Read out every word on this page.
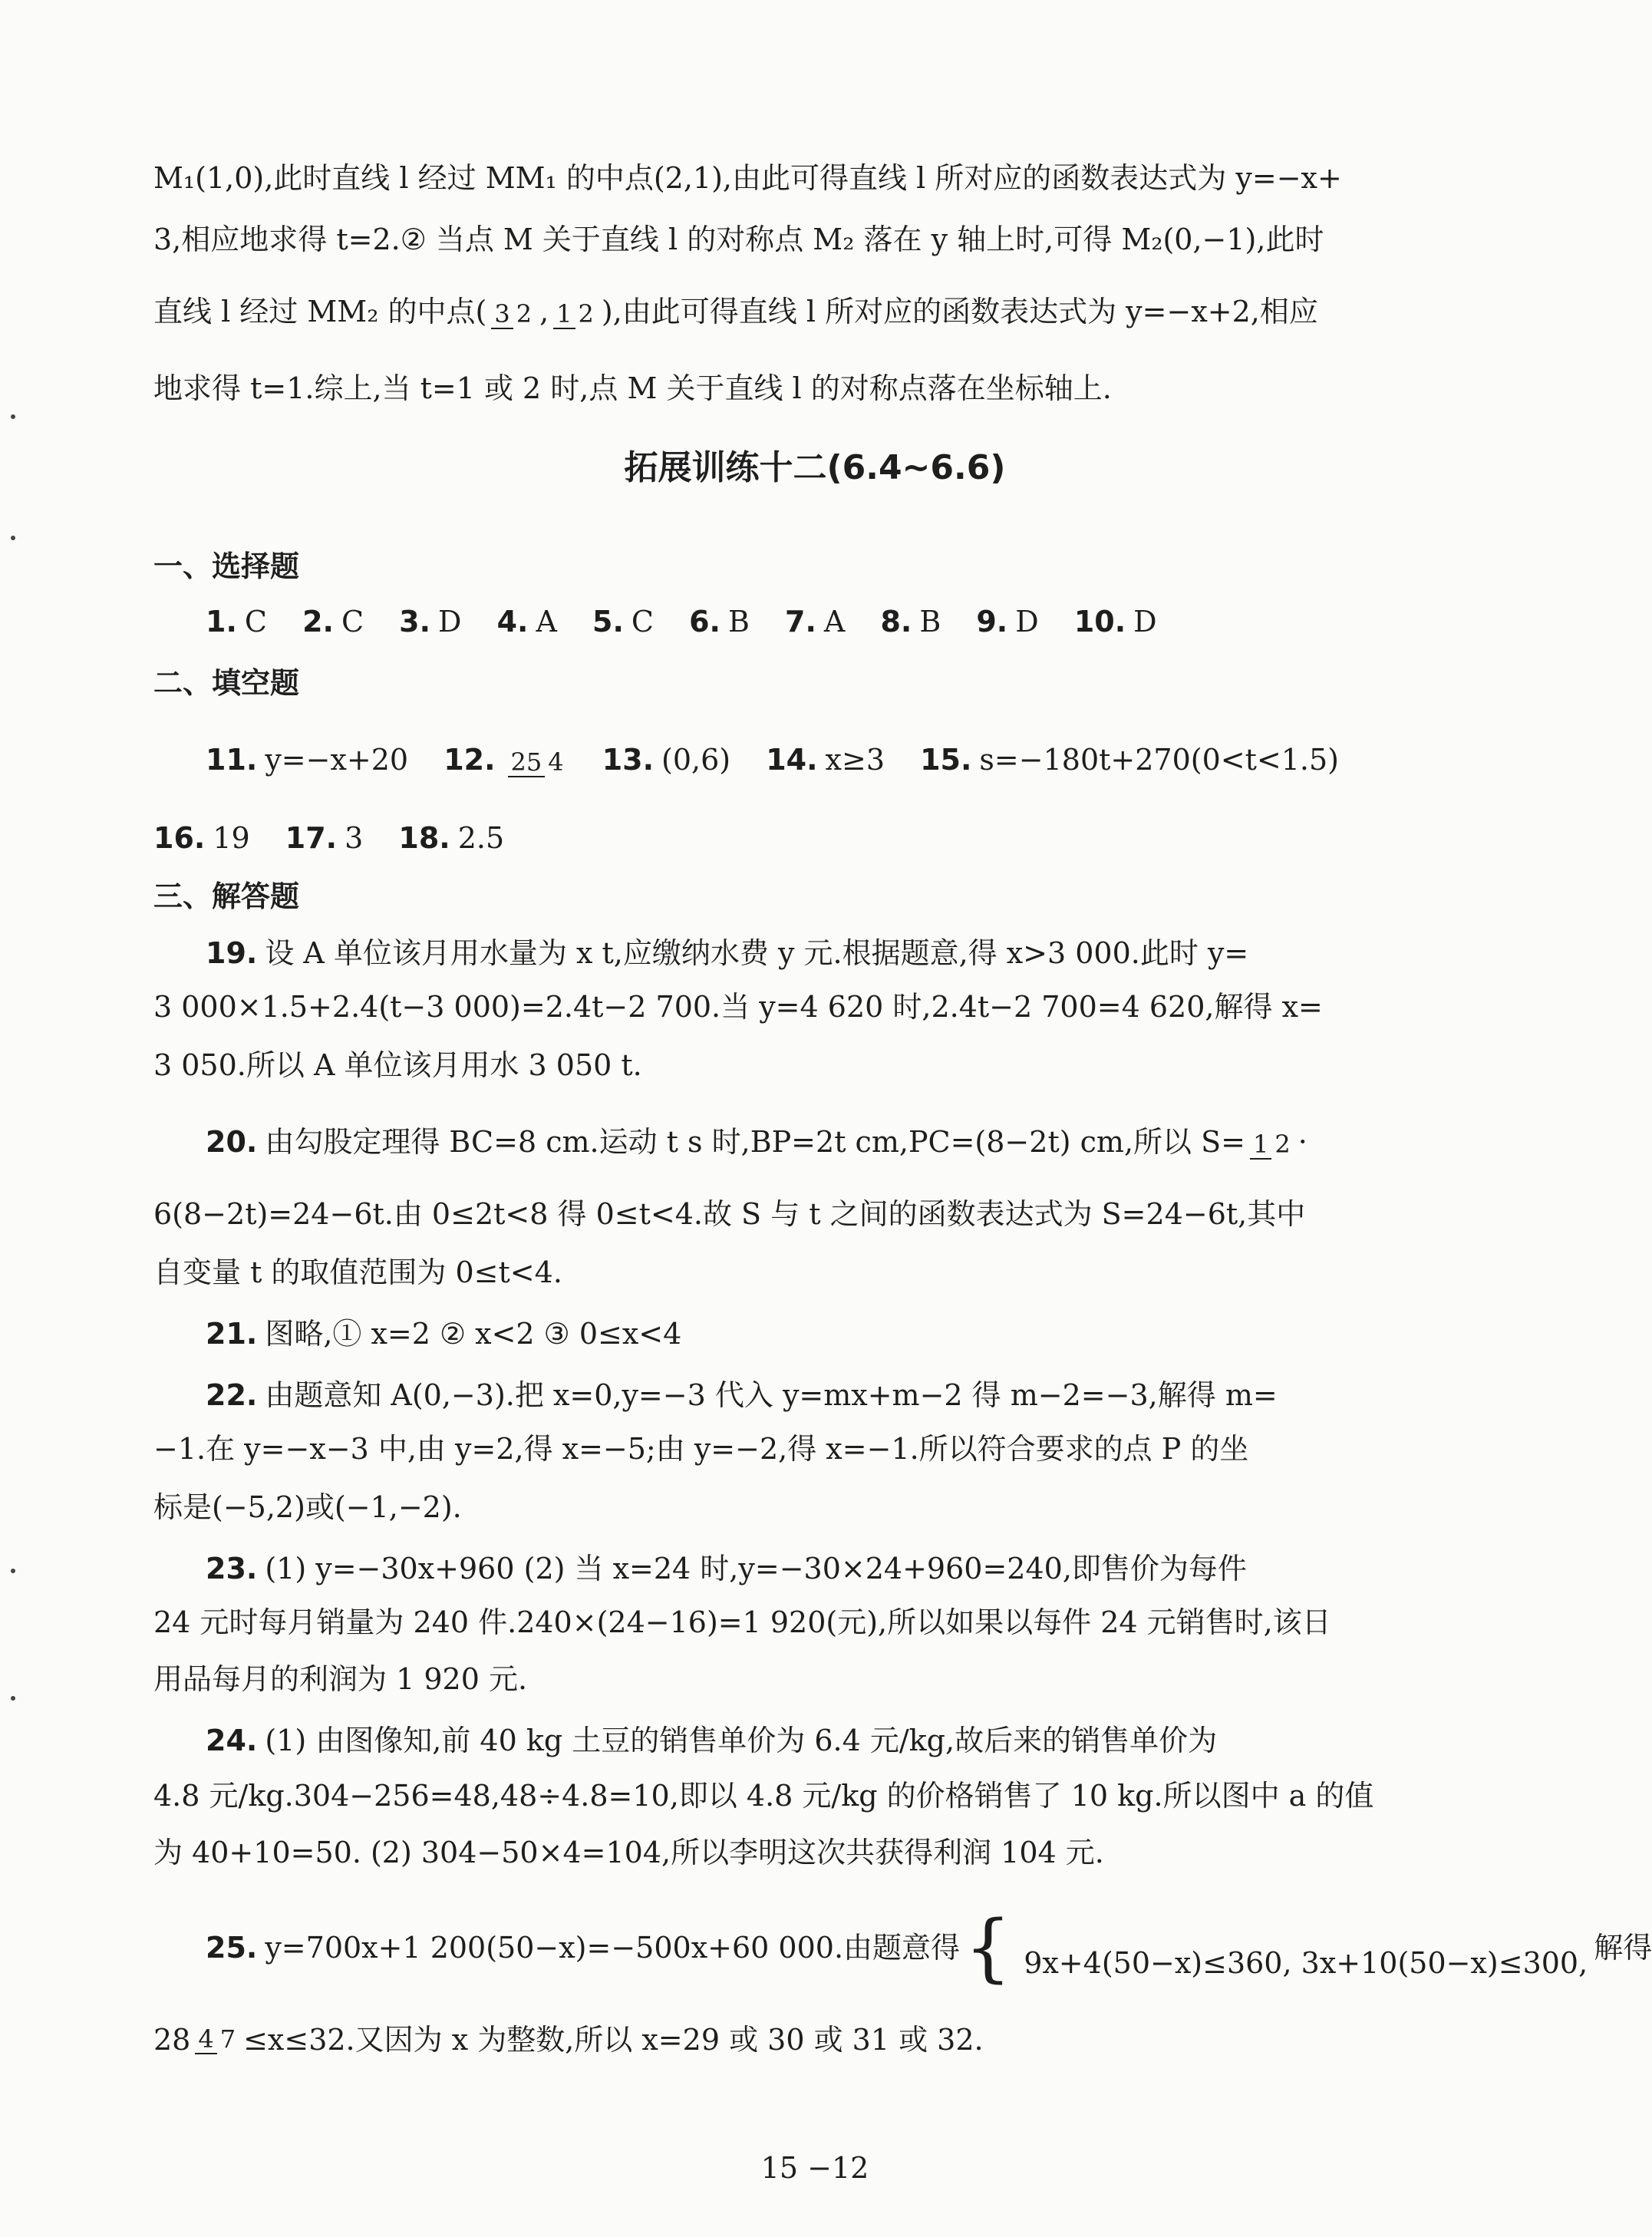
M₁(1,0),此时直线 l 经过 MM₁ 的中点(2,1),由此可得直线 l 所对应的函数表达式为 y=−x+
3,相应地求得 t=2.② 当点 M 关于直线 l 的对称点 M₂ 落在 y 轴上时,可得 M₂(0,−1),此时
直线 l 经过 MM₂ 的中点( 3 2 , 1 2 ),由此可得直线 l 所对应的函数表达式为 y=−x+2,相应
地求得 t=1.综上,当 t=1 或 2 时,点 M 关于直线 l 的对称点落在坐标轴上.
拓展训练十二(6.4~6.6)
一、选择题
1. C 2. C 3. D 4. A 5. C 6. B 7. A 8. B 9. D 10. D
二、填空题
11. y=−x+20 12. 25 4 13. (0,6) 14. x≥3 15. s=−180t+270(0<t<1.5)
16. 19 17. 3 18. 2.5
三、解答题
19. 设 A 单位该月用水量为 x t,应缴纳水费 y 元.根据题意,得 x>3 000.此时 y=
3 000×1.5+2.4(t−3 000)=2.4t−2 700.当 y=4 620 时,2.4t−2 700=4 620,解得 x=
3 050.所以 A 单位该月用水 3 050 t.
20. 由勾股定理得 BC=8 cm.运动 t s 时,BP=2t cm,PC=(8−2t) cm,所以 S= 1 2 ·
6(8−2t)=24−6t.由 0≤2t<8 得 0≤t<4.故 S 与 t 之间的函数表达式为 S=24−6t,其中
自变量 t 的取值范围为 0≤t<4.
21. 图略,① x=2 ② x<2 ③ 0≤x<4
22. 由题意知 A(0,−3).把 x=0,y=−3 代入 y=mx+m−2 得 m−2=−3,解得 m=
−1.在 y=−x−3 中,由 y=2,得 x=−5;由 y=−2,得 x=−1.所以符合要求的点 P 的坐
标是(−5,2)或(−1,−2).
23. (1) y=−30x+960 (2) 当 x=24 时,y=−30×24+960=240,即售价为每件
24 元时每月销量为 240 件.240×(24−16)=1 920(元),所以如果以每件 24 元销售时,该日
用品每月的利润为 1 920 元.
24. (1) 由图像知,前 40 kg 土豆的销售单价为 6.4 元/kg,故后来的销售单价为
4.8 元/kg.304−256=48,48÷4.8=10,即以 4.8 元/kg 的价格销售了 10 kg.所以图中 a 的值
为 40+10=50. (2) 304−50×4=104,所以李明这次共获得利润 104 元.
25. y=700x+1 200(50−x)=−500x+60 000.由题意得 { 9x+4(50−x)≤360, 3x+10(50−x)≤300, 解得
28 4 7 ≤x≤32.又因为 x 为整数,所以 x=29 或 30 或 31 或 32.
15 −12
